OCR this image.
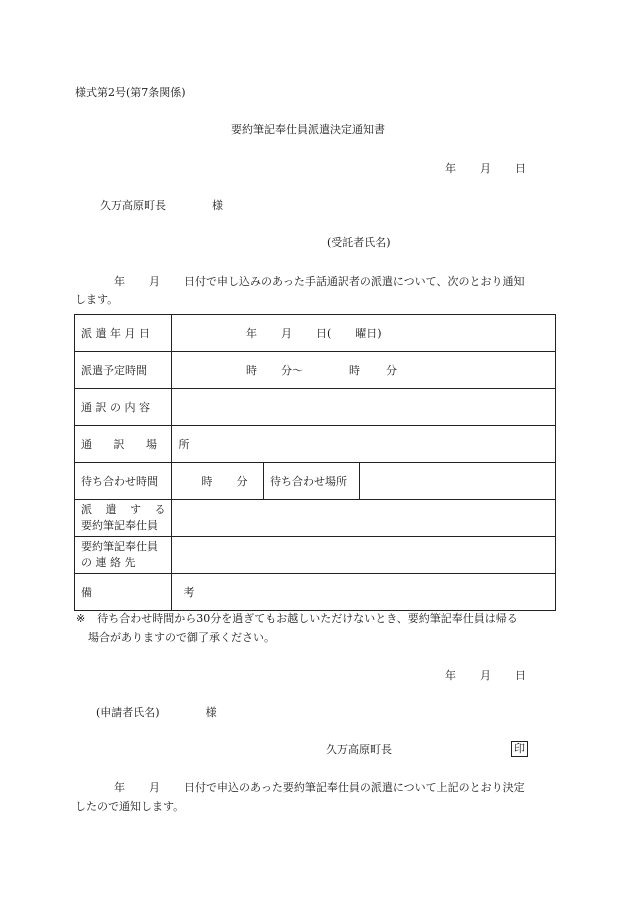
様式第2号(第7条関係)
要約筆記奉仕員派遣決定通知書
年 月 日
久万高原町長	様
(受託者氏名)
年 月 日付で申し込みのあった手話通訳者の派遣について、次のとおり通知
します。
派 遣 年 月 日	年 月 日( 曜日)		
派遣予定時間	時 分〜 時 分		
通 訳 の 内 容			
通 訳 場 所			
待ち合わせ時間	時 分	待ち合わせ場所	

派 遣 す る
要約筆記奉仕員			

要約筆記奉仕員
の 連 絡 先			

備 考			
※ 待ち合わせ時間から30分を過ぎてもお越しいただけないとき、要約筆記奉仕員は帰る
場合がありますので御了承ください。
年 月 日
(申請者氏名)	様
久万高原町長	印
年 月 日付で申込のあった要約筆記奉仕員の派遣について上記のとおり決定
したので通知します。
